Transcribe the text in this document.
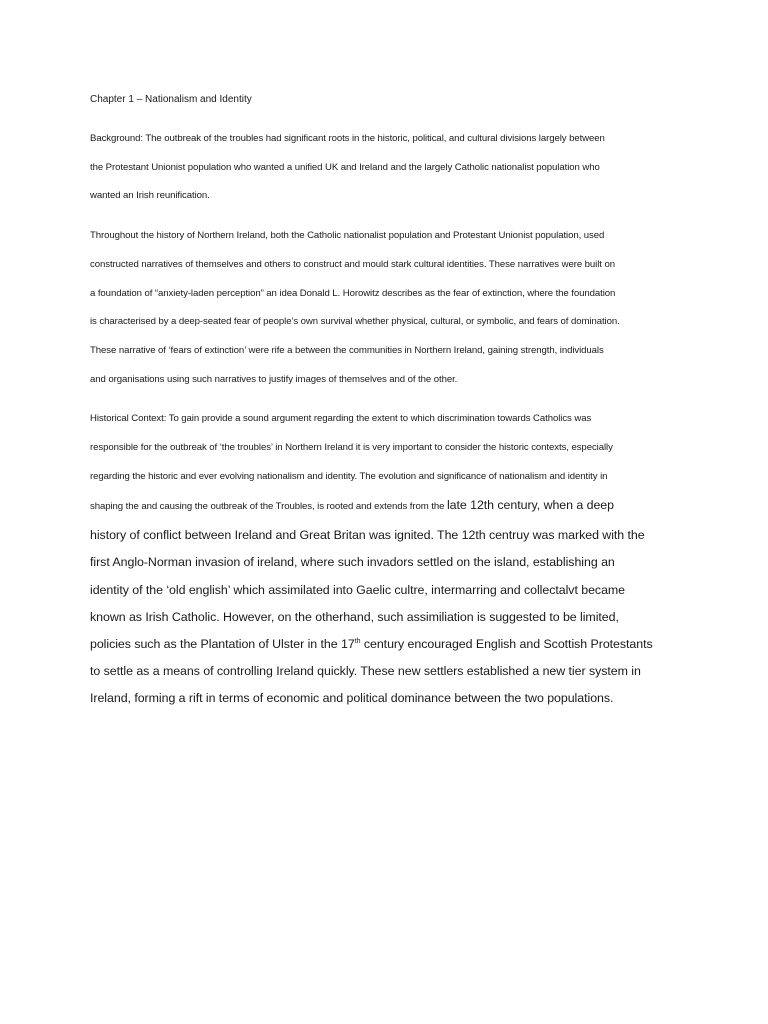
Chapter 1 – Nationalism and Identity
Background: The outbreak of the troubles had significant roots in the historic, political, and cultural divisions largely between
the Protestant Unionist population who wanted a unified UK and Ireland and the largely Catholic nationalist population who
wanted an Irish reunification.
Throughout the history of Northern Ireland, both the Catholic nationalist population and Protestant Unionist population, used
constructed narratives of themselves and others to construct and mould stark cultural identities. These narratives were built on
a foundation of “anxiety-laden perception” an idea Donald L. Horowitz describes as the fear of extinction, where the foundation
is characterised by a deep-seated fear of people’s own survival whether physical, cultural, or symbolic, and fears of domination.
These narrative of ‘fears of extinction’ were rife a between the communities in Northern Ireland, gaining strength, individuals
and organisations using such narratives to justify images of themselves and of the other.
Historical Context: To gain provide a sound argument regarding the extent to which discrimination towards Catholics was
responsible for the outbreak of ‘the troubles’ in Northern Ireland it is very important to consider the historic contexts, especially
regarding the historic and ever evolving nationalism and identity. The evolution and significance of nationalism and identity in
shaping the and causing the outbreak of the Troubles, is rooted and extends from the late 12th century, when a deep
history of conflict between Ireland and Great Britan was ignited. The 12th centruy was marked with the
first Anglo-Norman invasion of ireland, where such invadors settled on the island, establishing an
identity of the ‘old english’ which assimilated into Gaelic cultre, intermarring and collectalvt became
known as Irish Catholic. However, on the otherhand, such assimiliation is suggested to be limited,
policies such as the Plantation of Ulster in the 17th century encouraged English and Scottish Protestants
to settle as a means of controlling Ireland quickly. These new settlers established a new tier system in
Ireland, forming a rift in terms of economic and political dominance between the two populations.
